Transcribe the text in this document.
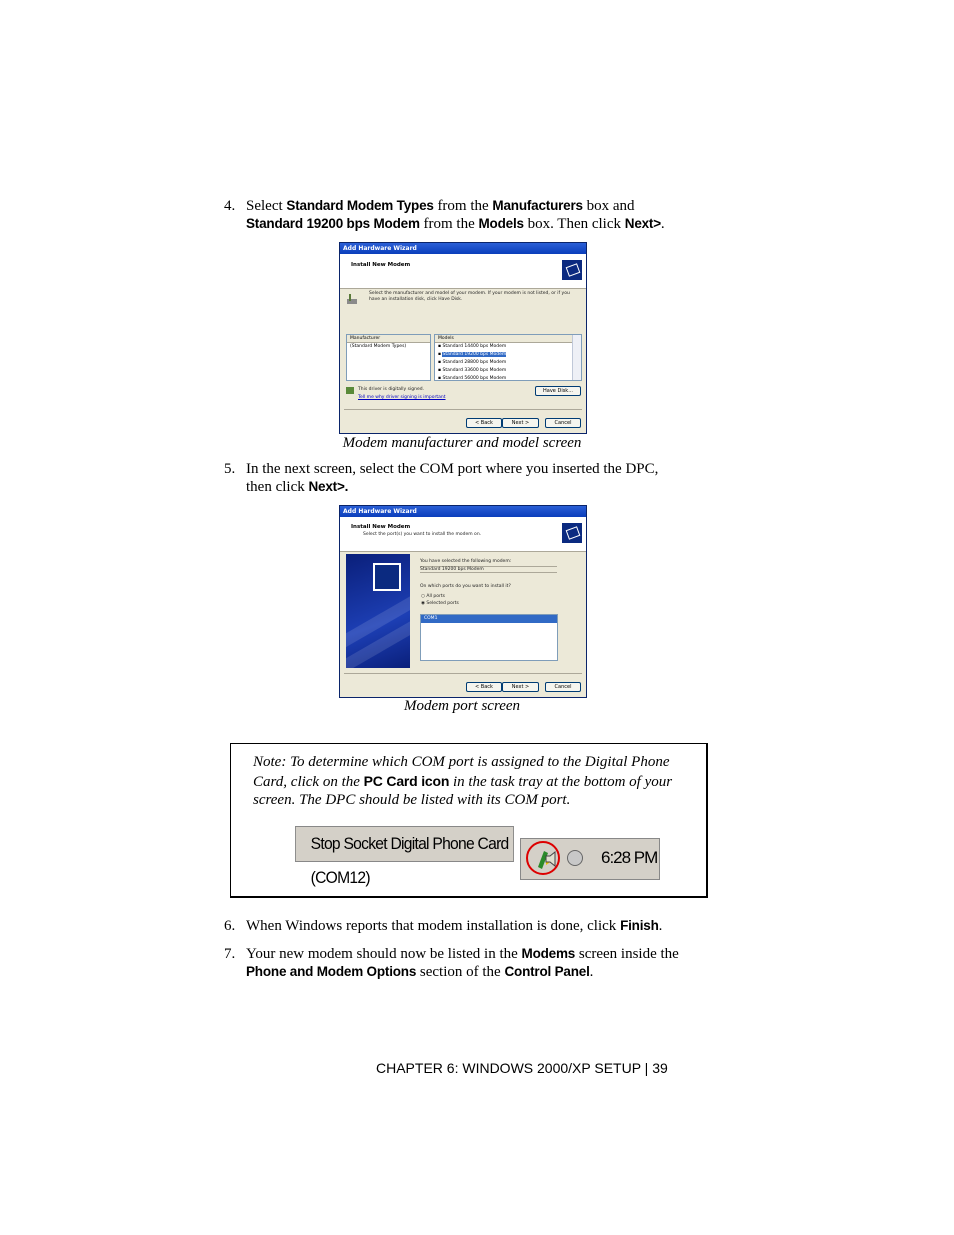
4. Select Standard Modem Types from the Manufacturers box and
Standard 19200 bps Modem from the Models box. Then click Next>.
Add Hardware Wizard
Install New Modem
Select the manufacturer and model of your modem. If your modem is not listed, or if you have an installation disk, click Have Disk.
Manufacturer
(Standard Modem Types)
Models
▪ Standard 14400 bps Modem
▪ Standard 19200 bps Modem
▪ Standard 28800 bps Modem
▪ Standard 33600 bps Modem
▪ Standard 56000 bps Modem
This driver is digitally signed.
Tell me why driver signing is important
Have Disk...
< Back	Next >	Cancel
Modem manufacturer and model screen
5. In the next screen, select the COM port where you inserted the DPC,
then click Next>.
Add Hardware Wizard
Install New Modem
Select the port(s) you want to install the modem on.
You have selected the following modem:
Standard 19200 bps Modem
On which ports do you want to install it?
○ All ports
◉ Selected ports
COM1
< Back	Next >	Cancel
Modem port screen
Note: To determine which COM port is assigned to the Digital Phone Card, click on the PC Card icon in the task tray at the bottom of your screen. The DPC should be listed with its COM port.
Stop Socket Digital Phone Card (COM12)
6:28 PM
6. When Windows reports that modem installation is done, click Finish.
7. Your new modem should now be listed in the Modems screen inside the
Phone and Modem Options section of the Control Panel.
CHAPTER 6: WINDOWS 2000/XP SETUP | 39
